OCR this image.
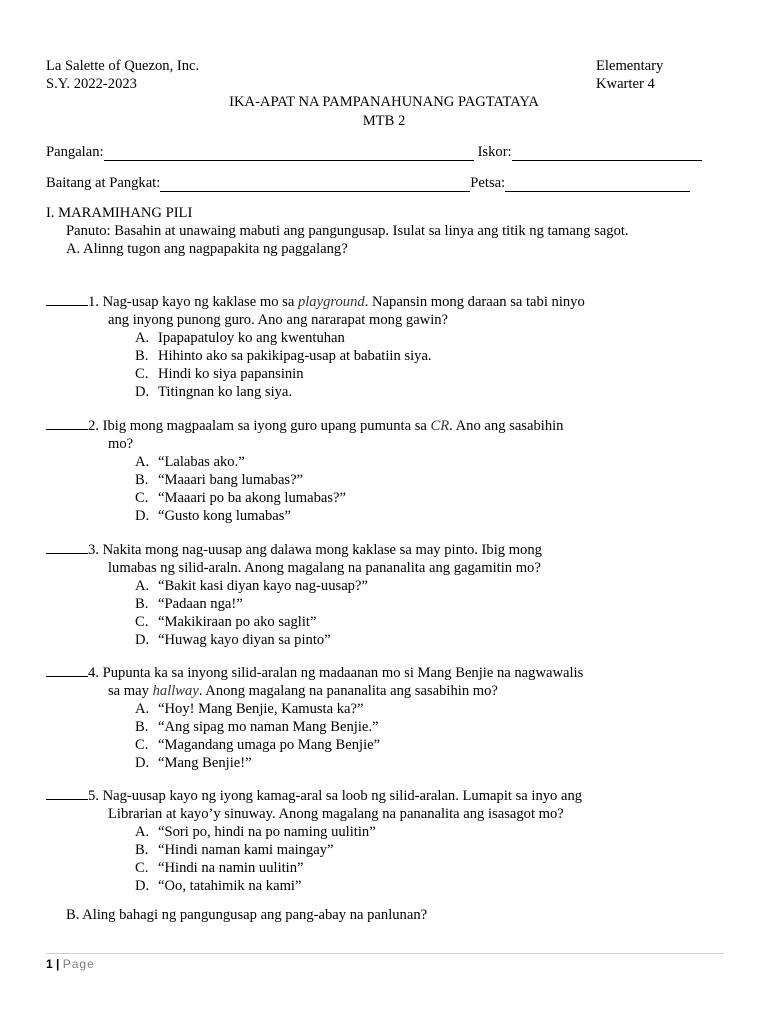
La Salette of Quezon, Inc.	Elementary
S.Y. 2022-2023	Kwarter 4
IKA-APAT NA PAMPANAHUNANG PAGTATAYA
MTB 2
Pangalan:	Iskor:
Baitang at Pangkat:	Petsa:
I. MARAMIHANG PILI
Panuto: Basahin at unawaing mabuti ang pangungusap. Isulat sa linya ang titik ng tamang sagot.
A. Alinng tugon ang nagpapakita ng paggalang?
1. Nag-usap kayo ng kaklase mo sa playground. Napansin mong daraan sa tabi ninyo
ang inyong punong guro. Ano ang nararapat mong gawin?
A. Ipapapatuloy ko ang kwentuhan
B. Hihinto ako sa pakikipag-usap at babatiin siya.
C. Hindi ko siya papansinin
D. Titingnan ko lang siya.
2. Ibig mong magpaalam sa iyong guro upang pumunta sa CR. Ano ang sasabihin
mo?
A. “Lalabas ako.”
B. “Maaari bang lumabas?”
C. “Maaari po ba akong lumabas?”
D. “Gusto kong lumabas”
3. Nakita mong nag-uusap ang dalawa mong kaklase sa may pinto. Ibig mong
lumabas ng silid-araln. Anong magalang na pananalita ang gagamitin mo?
A. “Bakit kasi diyan kayo nag-uusap?”
B. “Padaan nga!”
C. “Makikiraan po ako saglit”
D. “Huwag kayo diyan sa pinto”
4. Pupunta ka sa inyong silid-aralan ng madaanan mo si Mang Benjie na nagwawalis
sa may hallway. Anong magalang na pananalita ang sasabihin mo?
A. “Hoy! Mang Benjie, Kamusta ka?”
B. “Ang sipag mo naman Mang Benjie.”
C. “Magandang umaga po Mang Benjie”
D. “Mang Benjie!”
5. Nag-uusap kayo ng iyong kamag-aral sa loob ng silid-aralan. Lumapit sa inyo ang
Librarian at kayo’y sinuway. Anong magalang na pananalita ang isasagot mo?
A. “Sori po, hindi na po naming uulitin”
B. “Hindi naman kami maingay”
C. “Hindi na namin uulitin”
D. “Oo, tatahimik na kami”
B. Aling bahagi ng pangungusap ang pang-abay na panlunan?
1 | Page
